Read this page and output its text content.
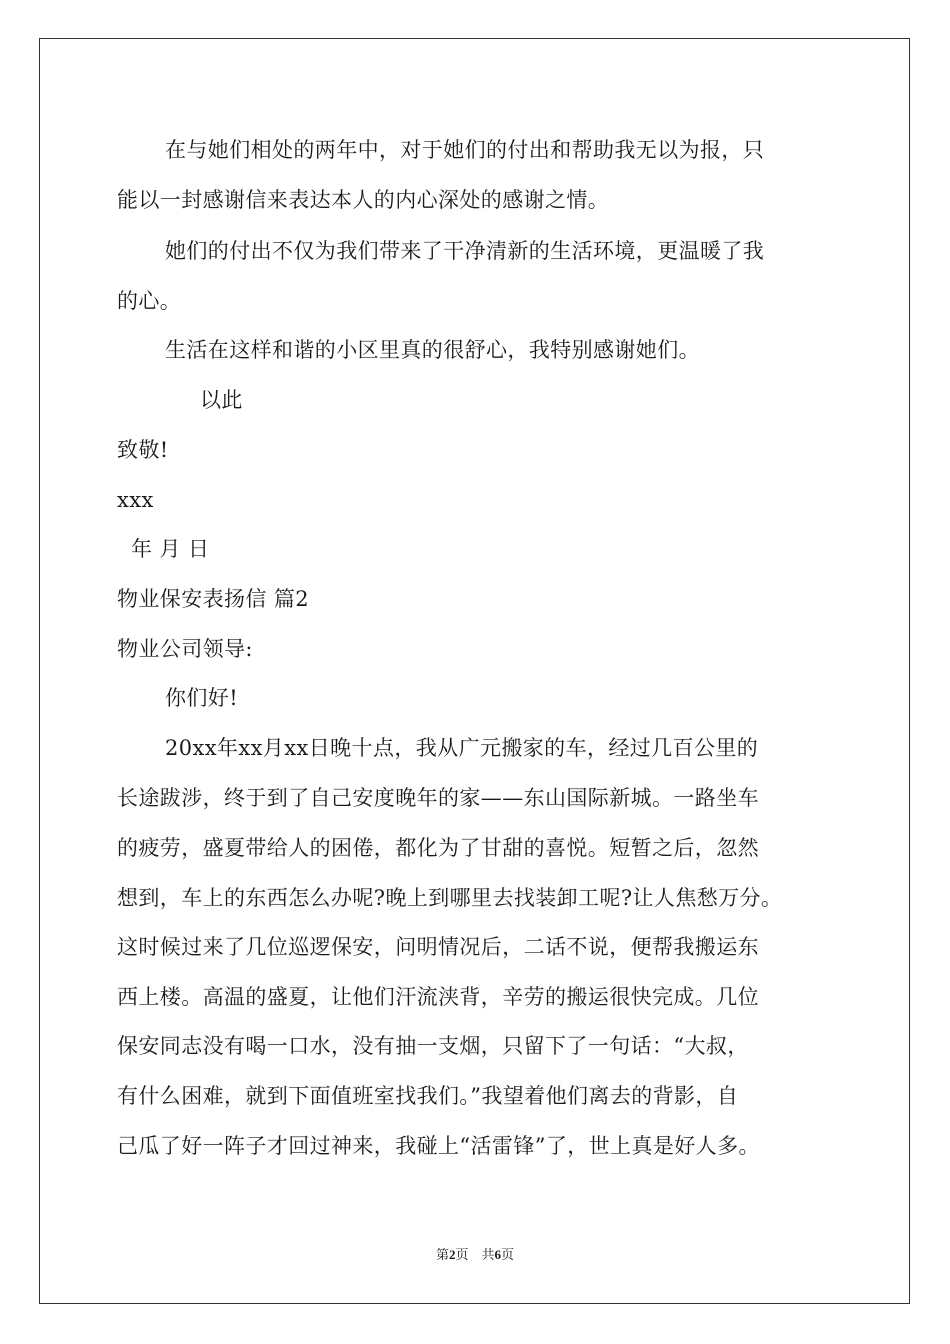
在与她们相处的两年中，对于她们的付出和帮助我无以为报，只
能以一封感谢信来表达本人的内心深处的感谢之情。
她们的付出不仅为我们带来了干净清新的生活环境，更温暖了我
的心。
生活在这样和谐的小区里真的很舒心，我特别感谢她们。
以此
致敬!
xxx
年 月 日
物业保安表扬信 篇2
物业公司领导:
你们好!
20xx年xx月xx日晚十点，我从广元搬家的车，经过几百公里的
长途跋涉，终于到了自己安度晚年的家——东山国际新城。一路坐车
的疲劳，盛夏带给人的困倦，都化为了甘甜的喜悦。短暂之后，忽然
想到，车上的东西怎么办呢?晚上到哪里去找装卸工呢?让人焦愁万分。
这时候过来了几位巡逻保安，问明情况后，二话不说，便帮我搬运东
西上楼。高温的盛夏，让他们汗流浃背，辛劳的搬运很快完成。几位
保安同志没有喝一口水，没有抽一支烟，只留下了一句话：“大叔，
有什么困难，就到下面值班室找我们。”我望着他们离去的背影，自
己瓜了好一阵子才回过神来，我碰上“活雷锋”了，世上真是好人多。
第2页　共6页
